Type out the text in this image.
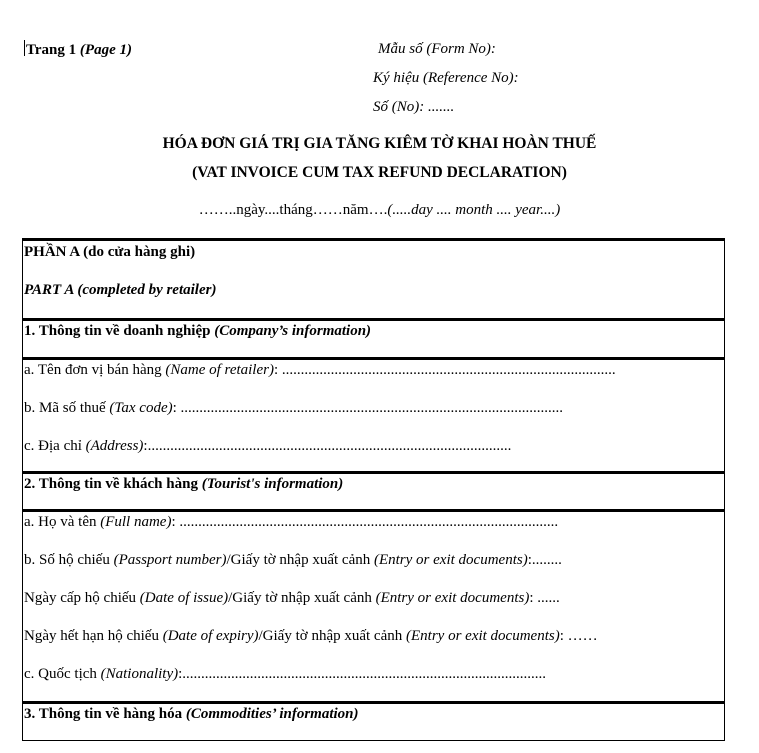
Trang 1 (Page 1)	Mẫu số (Form No):
Ký hiệu (Reference No):
Số (No): .......
HÓA ĐƠN GIÁ TRỊ GIA TĂNG KIÊM TỜ KHAI HOÀN THUẾ
(VAT INVOICE CUM TAX REFUND DECLARATION)
……..ngày....tháng……năm….(.....day .... month .... year....)
PHẦN A (do cửa hàng ghi)
PART A (completed by retailer)
1. Thông tin về doanh nghiệp (Company’s information)
a. Tên đơn vị bán hàng (Name of retailer): .........................................................................................
b. Mã số thuế (Tax code): ......................................................................................................
c. Địa chỉ (Address):.................................................................................................
2. Thông tin về khách hàng (Tourist's information)
a. Họ và tên (Full name): .....................................................................................................
b. Số hộ chiếu (Passport number)/Giấy tờ nhập xuất cảnh (Entry or exit documents):........
Ngày cấp hộ chiếu (Date of issue)/Giấy tờ nhập xuất cảnh (Entry or exit documents): ......
Ngày hết hạn hộ chiếu (Date of expiry)/Giấy tờ nhập xuất cảnh (Entry or exit documents): ……
c. Quốc tịch (Nationality):.................................................................................................
3. Thông tin về hàng hóa (Commodities’ information)
